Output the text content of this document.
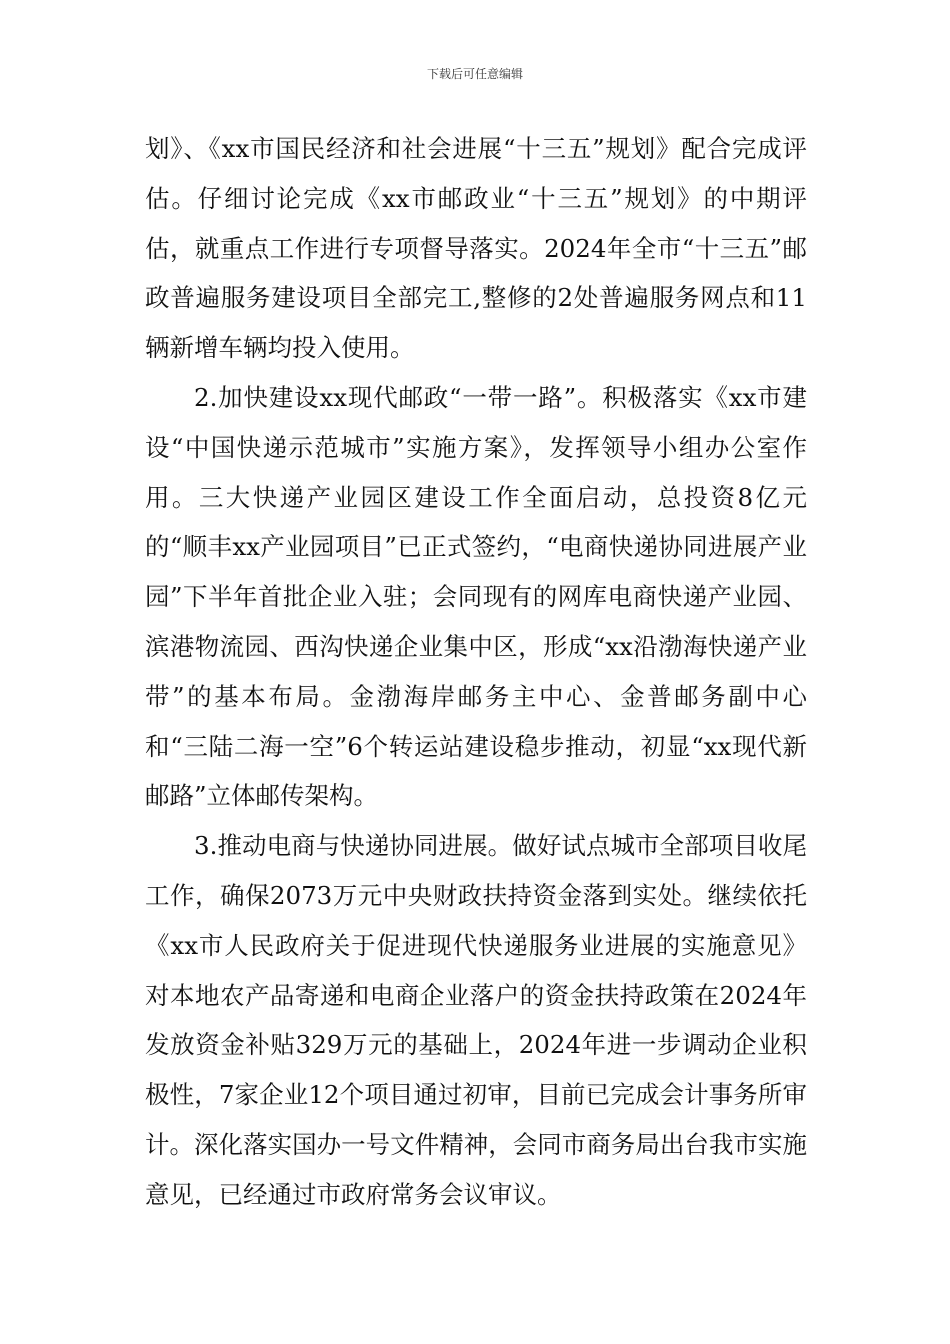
下载后可任意编辑

划》、《xx市国民经济和社会进展“十三五”规划》配合完成评估。仔细讨论完成《xx市邮政业“十三五”规划》的中期评估，就重点工作进行专项督导落实。2024年全市“十三五”邮政普遍服务建设项目全部完工,整修的2处普遍服务网点和11辆新增车辆均投入使用。

2.加快建设xx现代邮政“一带一路”。积极落实《xx市建设“中国快递示范城市”实施方案》，发挥领导小组办公室作用。三大快递产业园区建设工作全面启动，总投资8亿元的“顺丰xx产业园项目”已正式签约，“电商快递协同进展产业园”下半年首批企业入驻；会同现有的网库电商快递产业园、滨港物流园、西沟快递企业集中区，形成“xx沿渤海快递产业带”的基本布局。金渤海岸邮务主中心、金普邮务副中心和“三陆二海一空”6个转运站建设稳步推动，初显“xx现代新邮路”立体邮传架构。

3.推动电商与快递协同进展。做好试点城市全部项目收尾工作，确保2073万元中央财政扶持资金落到实处。继续依托《xx市人民政府关于促进现代快递服务业进展的实施意见》对本地农产品寄递和电商企业落户的资金扶持政策在2024年发放资金补贴329万元的基础上，2024年进一步调动企业积极性，7家企业12个项目通过初审，目前已完成会计事务所审计。深化落实国办一号文件精神，会同市商务局出台我市实施意见，已经通过市政府常务会议审议。
